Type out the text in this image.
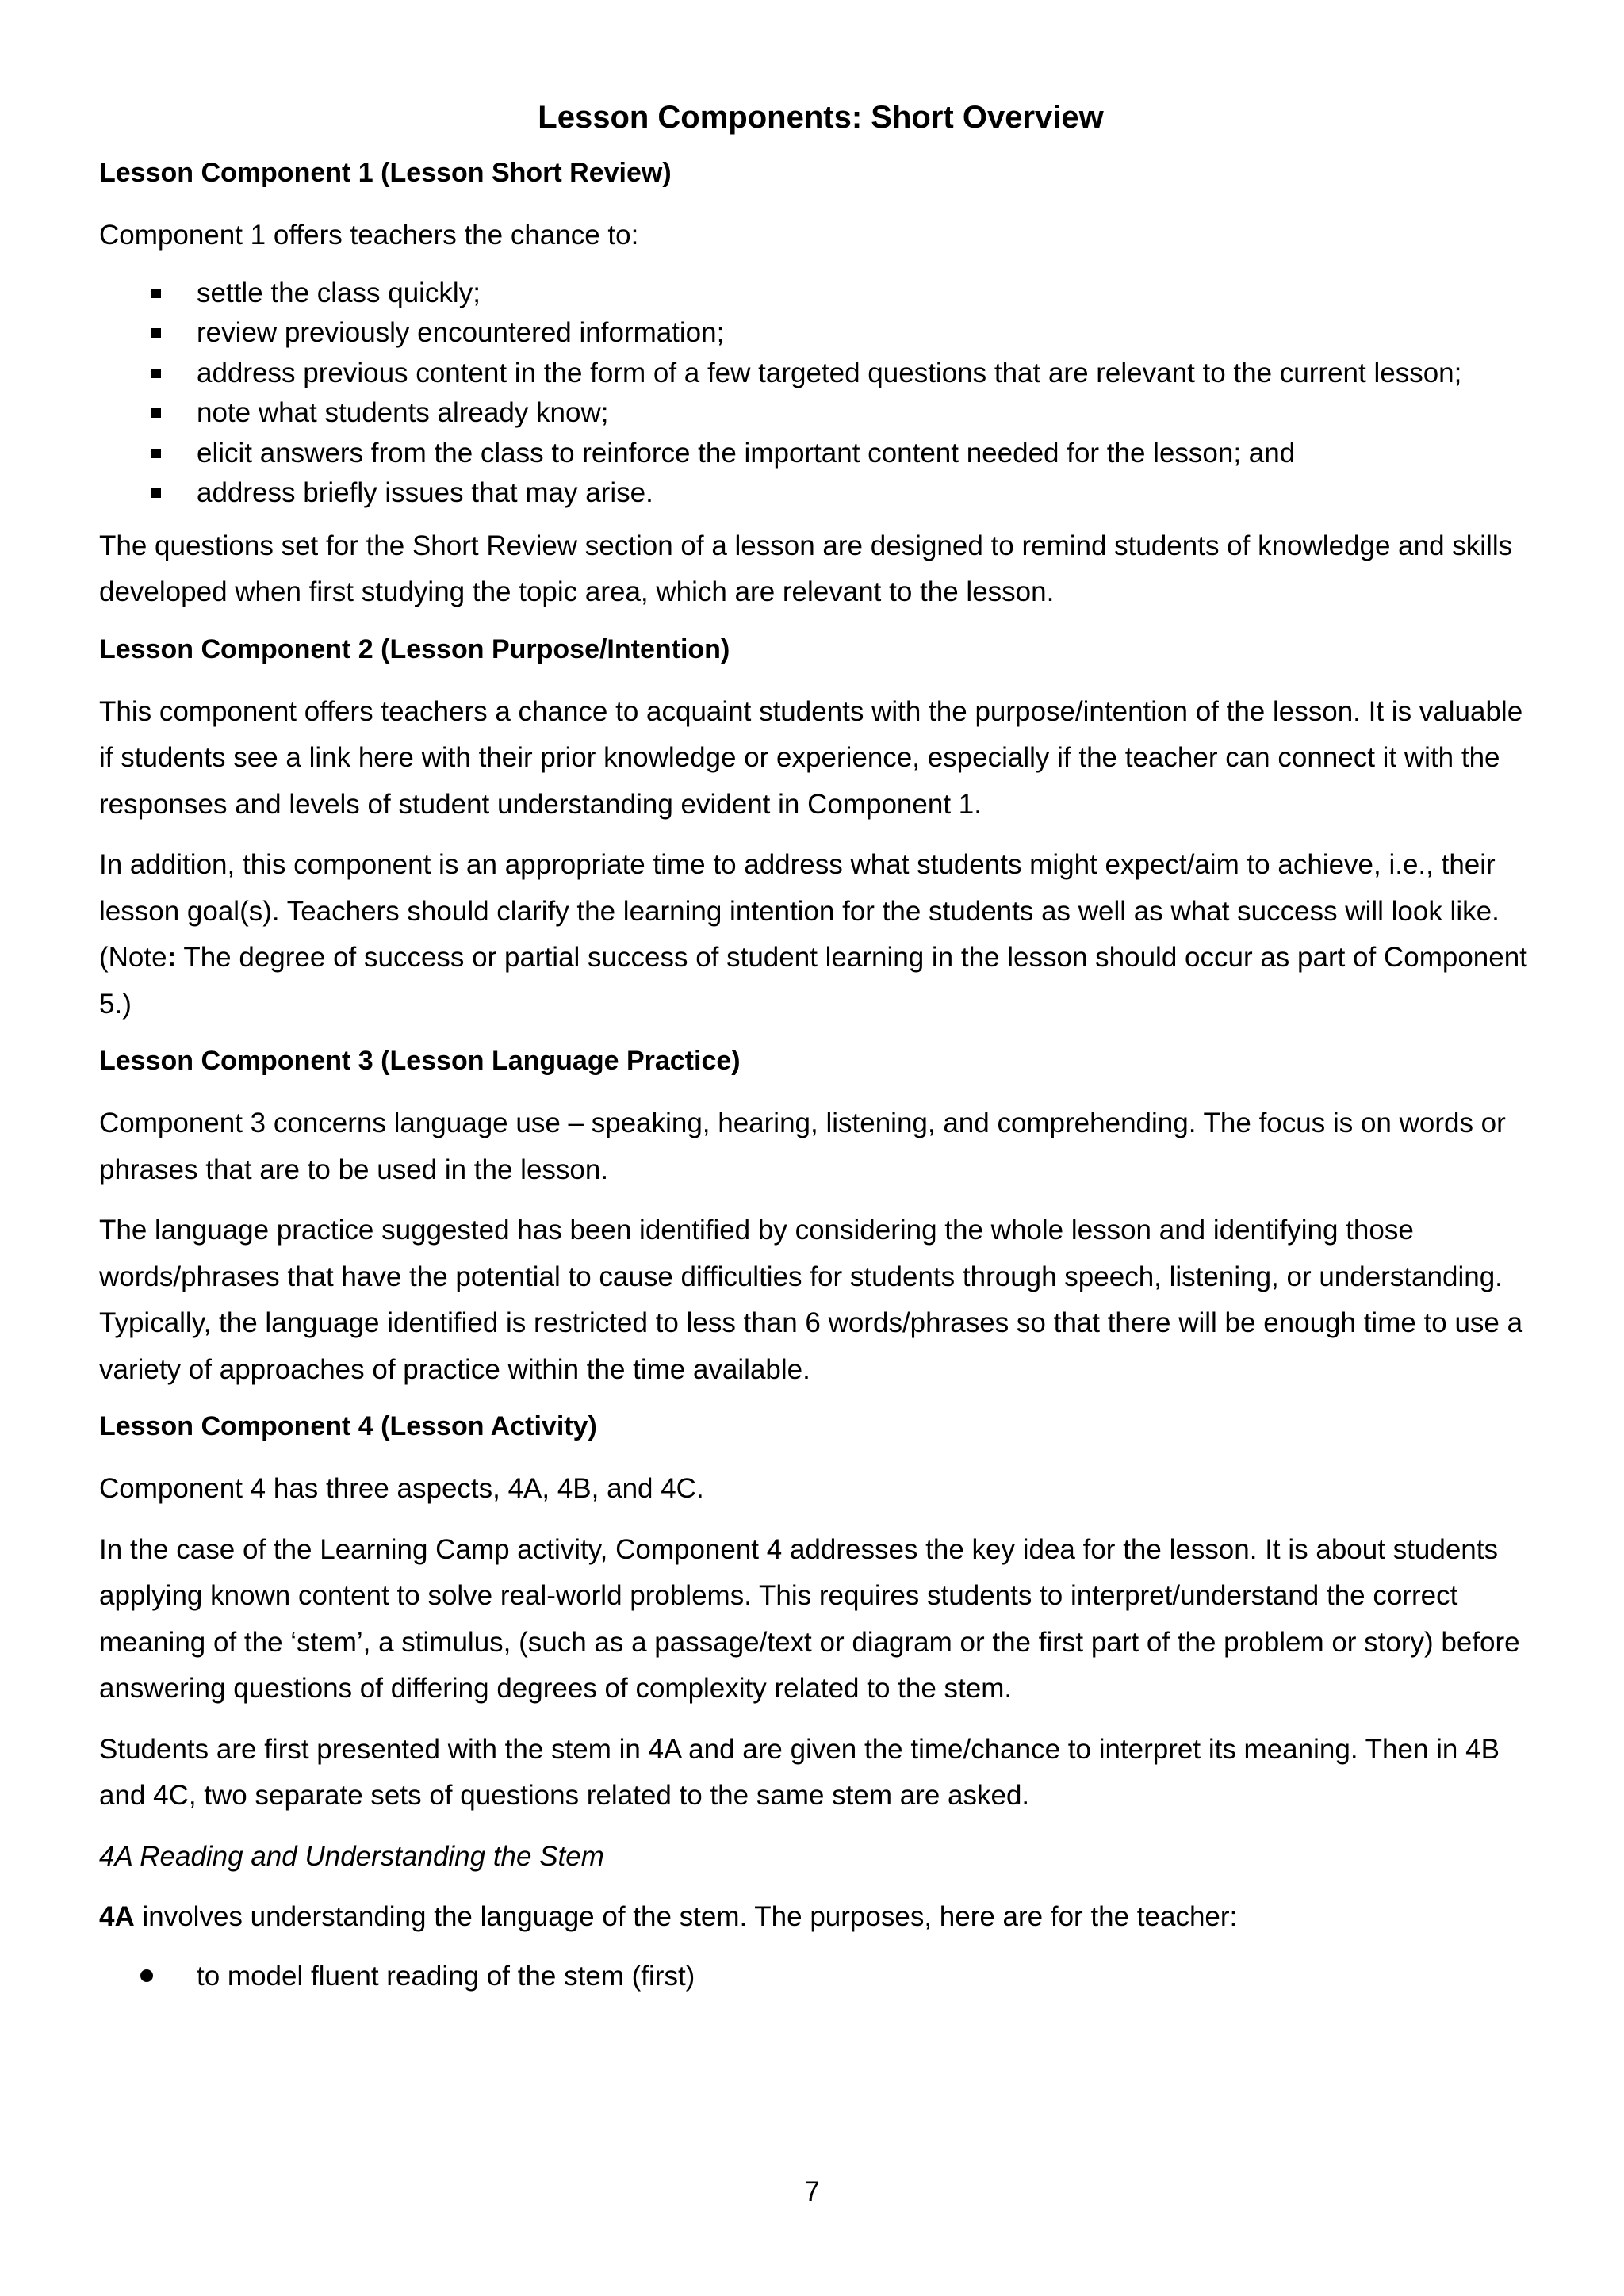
Lesson Components: Short Overview
Lesson Component 1 (Lesson Short Review)

Component 1 offers teachers the chance to:

settle the class quickly;
review previously encountered information;
address previous content in the form of a few targeted questions that are relevant to the current lesson;
note what students already know;
elicit answers from the class to reinforce the important content needed for the lesson; and
address briefly issues that may arise.

The questions set for the Short Review section of a lesson are designed to remind students of knowledge and skills developed when first studying the topic area, which are relevant to the lesson.

Lesson Component 2 (Lesson Purpose/Intention)

This component offers teachers a chance to acquaint students with the purpose/intention of the lesson. It is valuable if students see a link here with their prior knowledge or experience, especially if the teacher can connect it with the responses and levels of student understanding evident in Component 1.

In addition, this component is an appropriate time to address what students might expect/aim to achieve, i.e., their lesson goal(s). Teachers should clarify the learning intention for the students as well as what success will look like. (Note: The degree of success or partial success of student learning in the lesson should occur as part of Component 5.)

Lesson Component 3 (Lesson Language Practice)

Component 3 concerns language use – speaking, hearing, listening, and comprehending. The focus is on words or phrases that are to be used in the lesson.

The language practice suggested has been identified by considering the whole lesson and identifying those words/phrases that have the potential to cause difficulties for students through speech, listening, or understanding. Typically, the language identified is restricted to less than 6 words/phrases so that there will be enough time to use a variety of approaches of practice within the time available.

Lesson Component 4 (Lesson Activity)

Component 4 has three aspects, 4A, 4B, and 4C.

In the case of the Learning Camp activity, Component 4 addresses the key idea for the lesson. It is about students applying known content to solve real-world problems. This requires students to interpret/understand the correct meaning of the ‘stem’, a stimulus, (such as a passage/text or diagram or the first part of the problem or story) before answering questions of differing degrees of complexity related to the stem.

Students are first presented with the stem in 4A and are given the time/chance to interpret its meaning. Then in 4B and 4C, two separate sets of questions related to the same stem are asked.

4A Reading and Understanding the Stem

4A involves understanding the language of the stem. The purposes, here are for the teacher:

to model fluent reading of the stem (first)
7
